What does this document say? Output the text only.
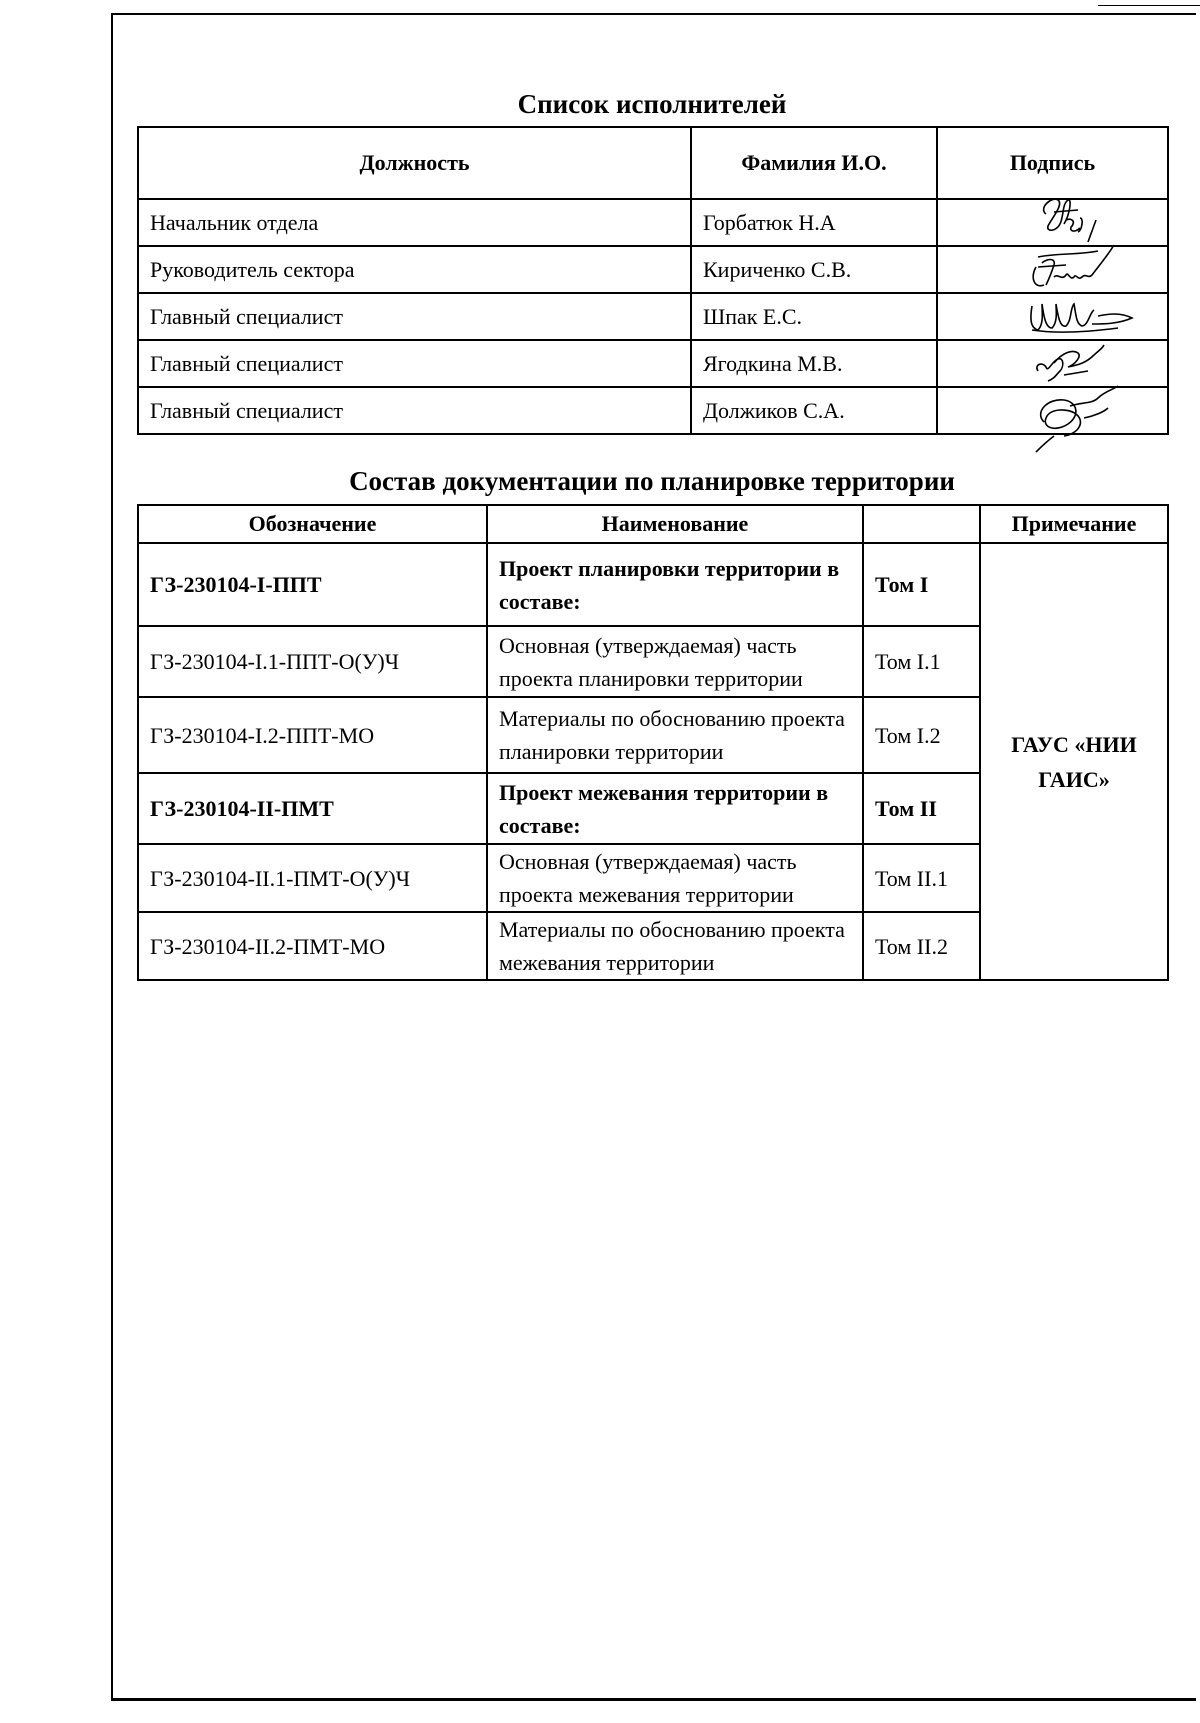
Список исполнителей
Должность	Фамилия И.О.	Подпись
Начальник отдела	Горбатюк Н.А	

Руководитель сектора	Кириченко С.В.	

Главный специалист	Шпак Е.С.	

Главный специалист	Ягодкина М.В.	

Главный специалист	Должиков С.А.	
Состав документации по планировке территории
Обозначение	Наименование		Примечание
ГЗ-230104-I-ППТ	Проект планировки территории в составе:	Том I	ГАУС «НИИ ГАИС»
ГЗ-230104-I.1-ППТ-О(У)Ч	Основная (утверждаемая) часть проекта планировки территории	Том I.1	
ГЗ-230104-I.2-ППТ-МО	Материалы по обоснованию проекта планировки территории	Том I.2	
ГЗ-230104-II-ПМТ	Проект межевания территории в составе:	Том II	
ГЗ-230104-II.1-ПМТ-О(У)Ч	Основная (утверждаемая) часть проекта межевания территории	Том II.1	
ГЗ-230104-II.2-ПМТ-МО	Материалы по обоснованию проекта межевания территории	Том II.2	
